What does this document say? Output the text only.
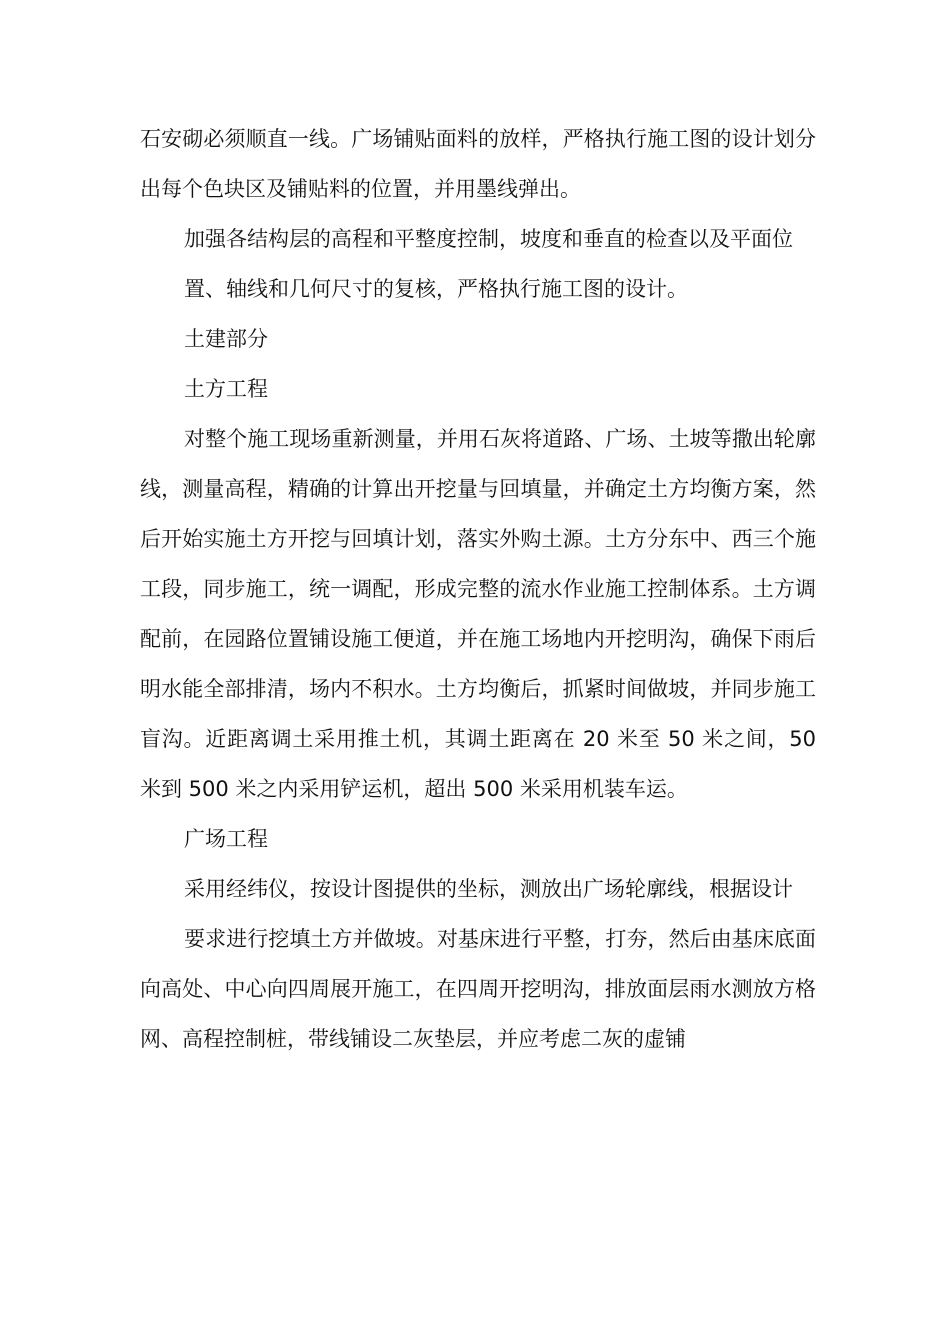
石安砌必须顺直一线。广场铺贴面料的放样，严格执行施工图的设计划分出每个色块区及铺贴料的位置，并用墨线弹出。

加强各结构层的高程和平整度控制，坡度和垂直的检查以及平面位

置、轴线和几何尺寸的复核，严格执行施工图的设计。

土建部分

土方工程

对整个施工现场重新测量，并用石灰将道路、广场、土坡等撒出轮廓线，测量高程，精确的计算出开挖量与回填量，并确定土方均衡方案，然后开始实施土方开挖与回填计划，落实外购土源。土方分东中、西三个施工段，同步施工，统一调配，形成完整的流水作业施工控制体系。土方调配前，在园路位置铺设施工便道，并在施工场地内开挖明沟，确保下雨后明水能全部排清，场内不积水。土方均衡后，抓紧时间做坡，并同步施工盲沟。近距离调土采用推土机，其调土距离在 20 米至 50 米之间，50 米到 500 米之内采用铲运机，超出 500 米采用机装车运。

广场工程

采用经纬仪，按设计图提供的坐标，测放出广场轮廓线，根据设计

要求进行挖填土方并做坡。对基床进行平整，打夯，然后由基床底面向高处、中心向四周展开施工，在四周开挖明沟，排放面层雨水测放方格网、高程控制桩，带线铺设二灰垫层，并应考虑二灰的虚铺
